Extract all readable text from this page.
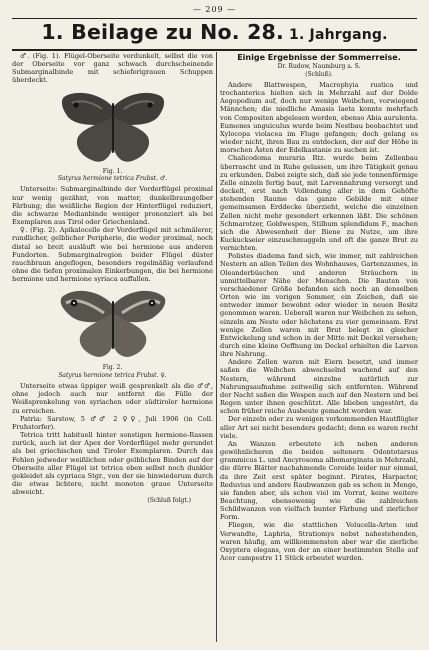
— 209 —
1. Beilage zu No. 28. 1. Jahrgang.

♂. (Fig. 1). Flügel-Oberseite verdunkelt, selbst die von der Oberseite vor ganz schwach durchscheinende Submarginalbinde mit schieferigrauen Schuppen überdeckt.

Fig. 1.
Satyrus hermione tetrica Frubst. ♂.

Unterseite: Submarginalbinde der Vorderflügel proximal nur wenig gezähnt, von matter, dunkelbraungelber Färbung; die weißliche Region der Hinterflügel reduziert, die schwarze Medianbinde weniger prononziert als bei Exemplaren aus Tirol oder Griechenland.

♀. (Fig. 2). Apikalocelle der Vorderflügel mit schmälerer, rundlicher, gelblicher Peripherie, die weder proximal, noch distal so breit ausläuft wie bei hermione aus anderen Fundorten. Submarginalregion beider Flügel düster rauchbraun angeflogen, besonders regelmäßig verlaufend ohne die tiefen proximalen Einkerbungen, die bei hermione hermione und hermione syriaca auffallen.

Fig. 2.
Satyrus hermione tetrica Frubst. ♀.

Unterseite etwas üppiger weiß gesprenkelt als die ♂♂, ohne jedoch auch nur entfernt die Fülle der Weißsprenkelung von syriachen oder südtiroler hermione zu erreichen.

Patria: Sarstow, 5 ♂♂ 2 ♀♀, Juli 1906 (in Coll. Fruhstorfer).

Tetrica tritt habituell hinter sonstigen hermione-Rassen zurück, auch ist der Apex der Vorderflügel mehr gerundet als bei griechischen und Tiroler Exemplaren. Durch das Fehlen jedweder weißlichen oder gelblichen Binden auf der Oberseite aller Flügel ist tetrica eben selbst noch dunkler gekleidet als cypriaca Stgr., von der sie hinwiederum durch die etwas lichtere, nicht monoton graue Unterseite abweicht.

(Schluß folgt.)
Einige Ergebnisse der Sommerreise.
Dr. Rudow, Naumburg a. S.
(Schluß).

Andere Blattwespen, Macrophyia rustica und trochanterica hielten sich in Mehrzahl auf der Dolde Aegopodium auf, doch nur wenige Weibchen, vorwiegend Männchen; die niedliche Amasis laeta konnte mehrfach von Compositen abgelesen werden, ebenso Abia aurulenta. Eumenes unguiculus wurde beim Nestbau beobachtet und Xylocopa violacea im Fluge gefangen; doch gelang es wieder nicht, ihren Bau zu entdecken, der auf der Höhe in morschen Ästen der Edelkastanie zu suchen ist.

Chalicodoma muraria Rtz. wurde beim Zellenbau überrascht und in Ruhe gelassen, um ihre Tätigkeit genau zu erkunden. Dabei zeigte sich, daß sie jede tonnenförmige Zelle einzeln fertig baut, mit Larvennahrung versorgt und deckelt, erst nach Vollendung aller in dem Gehöfte stehenden Raume das ganze Gebilde mit einer gemeinsamen Erddecke überzieht, welche die einzelnen Zellen nicht mehr gesondert erkennen läßt. Die schönen Schmarotzer, Goldwespen, Stilbum splendidum F., machen sich die Abwesenheit der Biene zu Nutze, um ihre Kuckuckseier einzuschmuggeln und oft die ganze Brut zu vernichten.

Polistes diadema fand sich, wie immer, mit zahlreichen Nestern an allen Teilen des Wohnhauses, Gartenzaunes, in Oleanderbüschen und anderen Sträuchern in unmittelbarer Nähe der Menschen. Die Bauten von verschiedener Größe befanden sich noch an denselben Orten wie im vorigen Sommer, ein Zeichen, daß sie entweder immer bewohnt oder wieder in neuen Besitz genommen waren. Ueberall waren nur Weibchen zu sehen, einzeln am Neste oder höchstens zu vier gemeinsam. Erst wenige Zellen waren mit Brut belegt in gleicher Entwickelung und schon in der Mitte mit Deckel versehen; durch eine kleine Oeffnung im Deckel erhielten die Larven ihre Nahrung.

Andere Zellen waren mit Eiern besetzt, und immer saßen die Weibchen abwechselnd wachend auf den Nestern, während einzelne natürlich zur Nahrungsaufnahme zeitweilig sich entfernten. Während der Nacht saßen die Wespen auch auf den Nestern und bei Regen unter ihnen geschützt. Alle blieben ungestört, da schon früher reiche Ausbeute gemacht worden war.

Der einzeln oder zu wenigen vorkommenden Hautflügler aller Art sei nicht besonders gedacht; denn es waren recht viele.

An Wanzen erbeutete ich neben anderen gewöhnlicheren die beiden seltenern Odontotarsus grammicus L. und Ancyrosoma albomarginata in Mehrzahl, die dürre Blätter nachahmende Coreide leider nur einmal, da ihre Zeit erst später beginnt. Pirates, Harpactor, Reduvius und andere Raubwanzen gab es schon in Menge, sie fanden aber, als schon viel im Vorrat, keine weitere Beachtung, ebensowenig wie die zahlreichen Schildwanzen von vielfach bunter Färbung und zierlicher Form.

Fliegen, wie die stattlichen Volucella-Arten und Verwandte, Laphria, Stratiomys nebst nahestehenden, waren häufig, am willkommensten aber war die zierliche Oxyptera elegans, von der an einer bestimmten Stelle auf Acer campestre 11 Stück erbeutet wurden.
